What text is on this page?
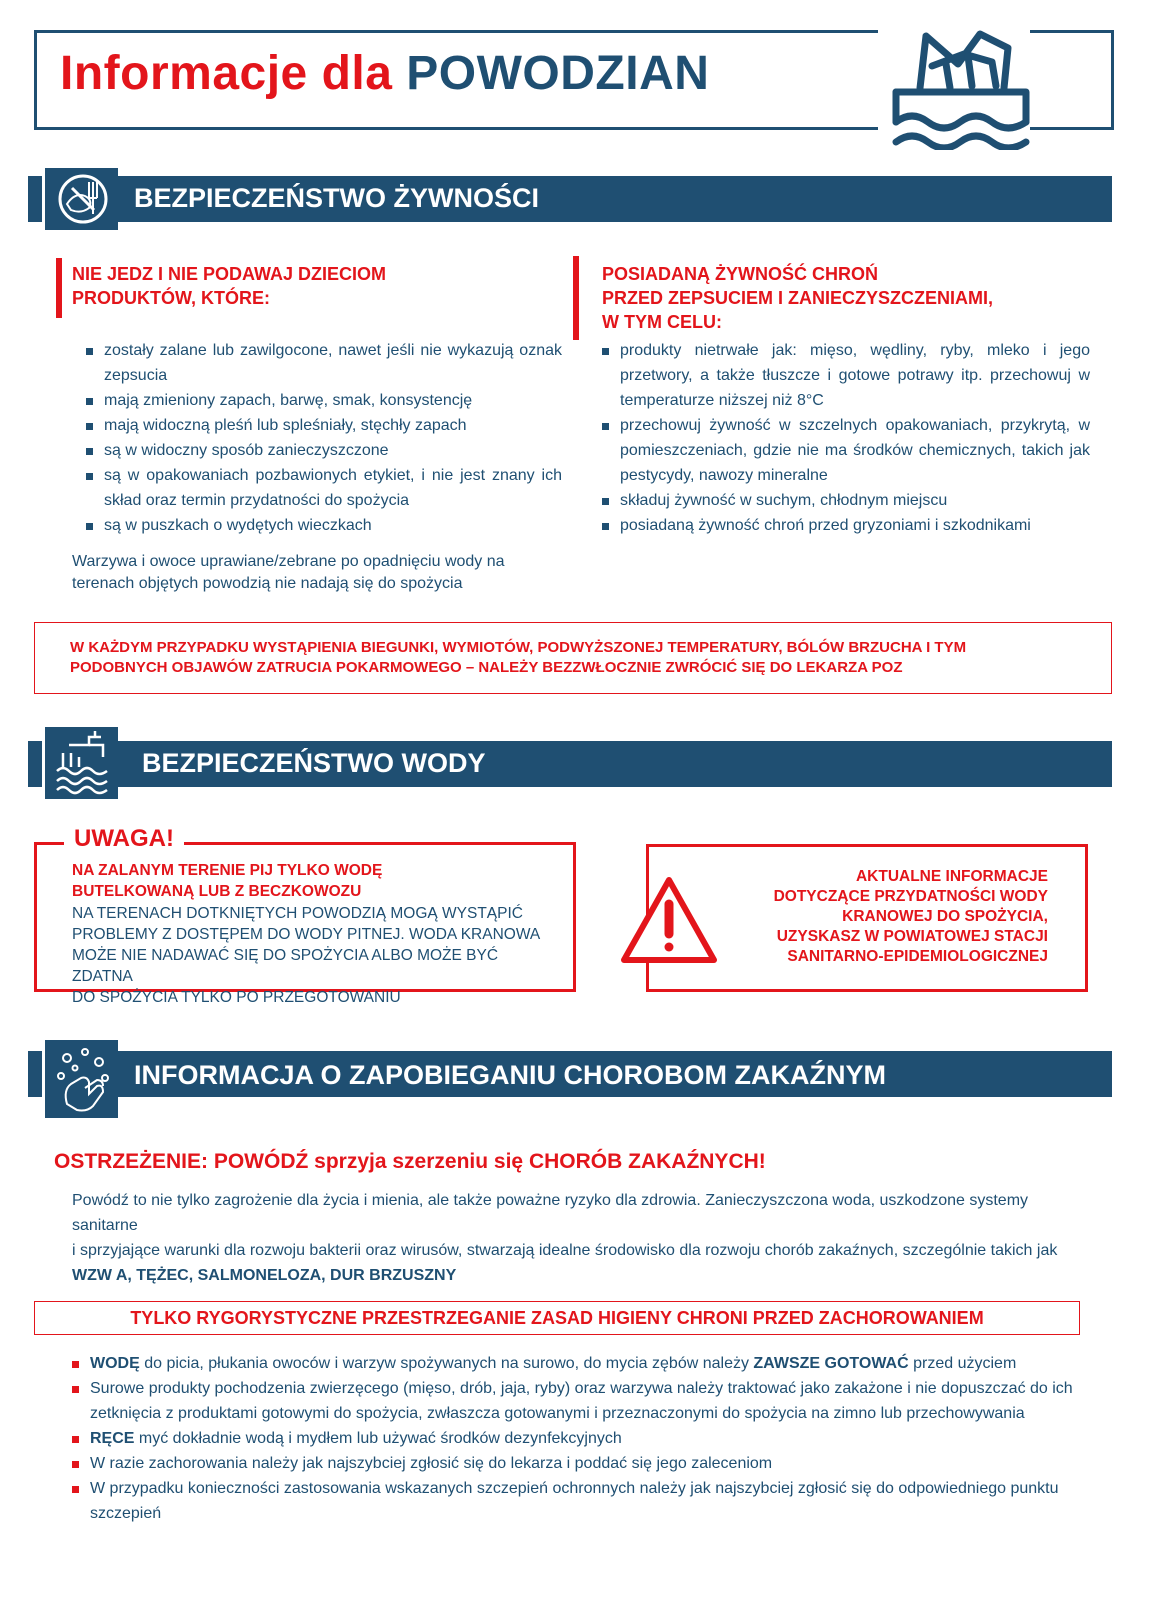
Informacje dla POWODZIAN
BEZPIECZEŃSTWO ŻYWNOŚCI
NIE JEDZ I NIE PODAWAJ DZIECIOM
PRODUKTÓW, KTÓRE:
zostały zalane lub zawilgocone, nawet jeśli nie wykazują oznak zepsucia
mają zmieniony zapach, barwę, smak, konsystencję
mają widoczną pleśń lub spleśniały, stęchły zapach
są w widoczny sposób zanieczyszczone
są w opakowaniach pozbawionych etykiet, i nie jest znany ich skład oraz termin przydatności do spożycia
są w puszkach o wydętych wieczkach
Warzywa i owoce uprawiane/zebrane po opadnięciu wody na terenach objętych powodzią nie nadają się do spożycia
POSIADANĄ ŻYWNOŚĆ CHROŃ
PRZED ZEPSUCIEM I ZANIECZYSZCZENIAMI,
W TYM CELU:
produkty nietrwałe jak: mięso, wędliny, ryby, mleko i jego przetwory, a także tłuszcze i gotowe potrawy itp. przechowuj w temperaturze niższej niż 8°C
przechowuj żywność w szczelnych opakowaniach, przykrytą, w pomieszczeniach, gdzie nie ma środków chemicznych, takich jak pestycydy, nawozy mineralne
składuj żywność w suchym, chłodnym miejscu
posiadaną żywność chroń przed gryzoniami i szkodnikami
W KAŻDYM PRZYPADKU WYSTĄPIENIA BIEGUNKI, WYMIOTÓW, PODWYŻSZONEJ TEMPERATURY, BÓLÓW BRZUCHA I TYM
PODOBNYCH OBJAWÓW ZATRUCIA POKARMOWEGO – NALEŻY BEZZWŁOCZNIE ZWRÓCIĆ SIĘ DO LEKARZA POZ
BEZPIECZEŃSTWO WODY
UWAGA!
NA ZALANYM TERENIE PIJ TYLKO WODĘ
BUTELKOWANĄ LUB Z BECZKOWOZU
NA TERENACH DOTKNIĘTYCH POWODZIĄ MOGĄ WYSTĄPIĆ
PROBLEMY Z DOSTĘPEM DO WODY PITNEJ. WODA KRANOWA
MOŻE NIE NADAWAĆ SIĘ DO SPOŻYCIA ALBO MOŻE BYĆ ZDATNA
DO SPOŻYCIA TYLKO PO PRZEGOTOWANIU
AKTUALNE INFORMACJE
DOTYCZĄCE PRZYDATNOŚCI WODY
KRANOWEJ DO SPOŻYCIA,
UZYSKASZ W POWIATOWEJ STACJI
SANITARNO-EPIDEMIOLOGICZNEJ
INFORMACJA O ZAPOBIEGANIU CHOROBOM ZAKAŹNYM
OSTRZEŻENIE: POWÓDŹ sprzyja szerzeniu się CHORÓB ZAKAŹNYCH!
Powódź to nie tylko zagrożenie dla życia i mienia, ale także poważne ryzyko dla zdrowia. Zanieczyszczona woda, uszkodzone systemy sanitarne
i sprzyjające warunki dla rozwoju bakterii oraz wirusów, stwarzają idealne środowisko dla rozwoju chorób zakaźnych, szczególnie takich jak
WZW A, TĘŻEC, SALMONELOZA, DUR BRZUSZNY
TYLKO RYGORYSTYCZNE PRZESTRZEGANIE ZASAD HIGIENY CHRONI PRZED ZACHOROWANIEM
WODĘ do picia, płukania owoców i warzyw spożywanych na surowo, do mycia zębów należy ZAWSZE GOTOWAĆ przed użyciem
Surowe produkty pochodzenia zwierzęcego (mięso, drób, jaja, ryby) oraz warzywa należy traktować jako zakażone i nie dopuszczać do ich zetknięcia z produktami gotowymi do spożycia, zwłaszcza gotowanymi i przeznaczonymi do spożycia na zimno lub przechowywania
RĘCE myć dokładnie wodą i mydłem lub używać środków dezynfekcyjnych
W razie zachorowania należy jak najszybciej zgłosić się do lekarza i poddać się jego zaleceniom
W przypadku konieczności zastosowania wskazanych szczepień ochronnych należy jak najszybciej zgłosić się do odpowiedniego punktu szczepień
